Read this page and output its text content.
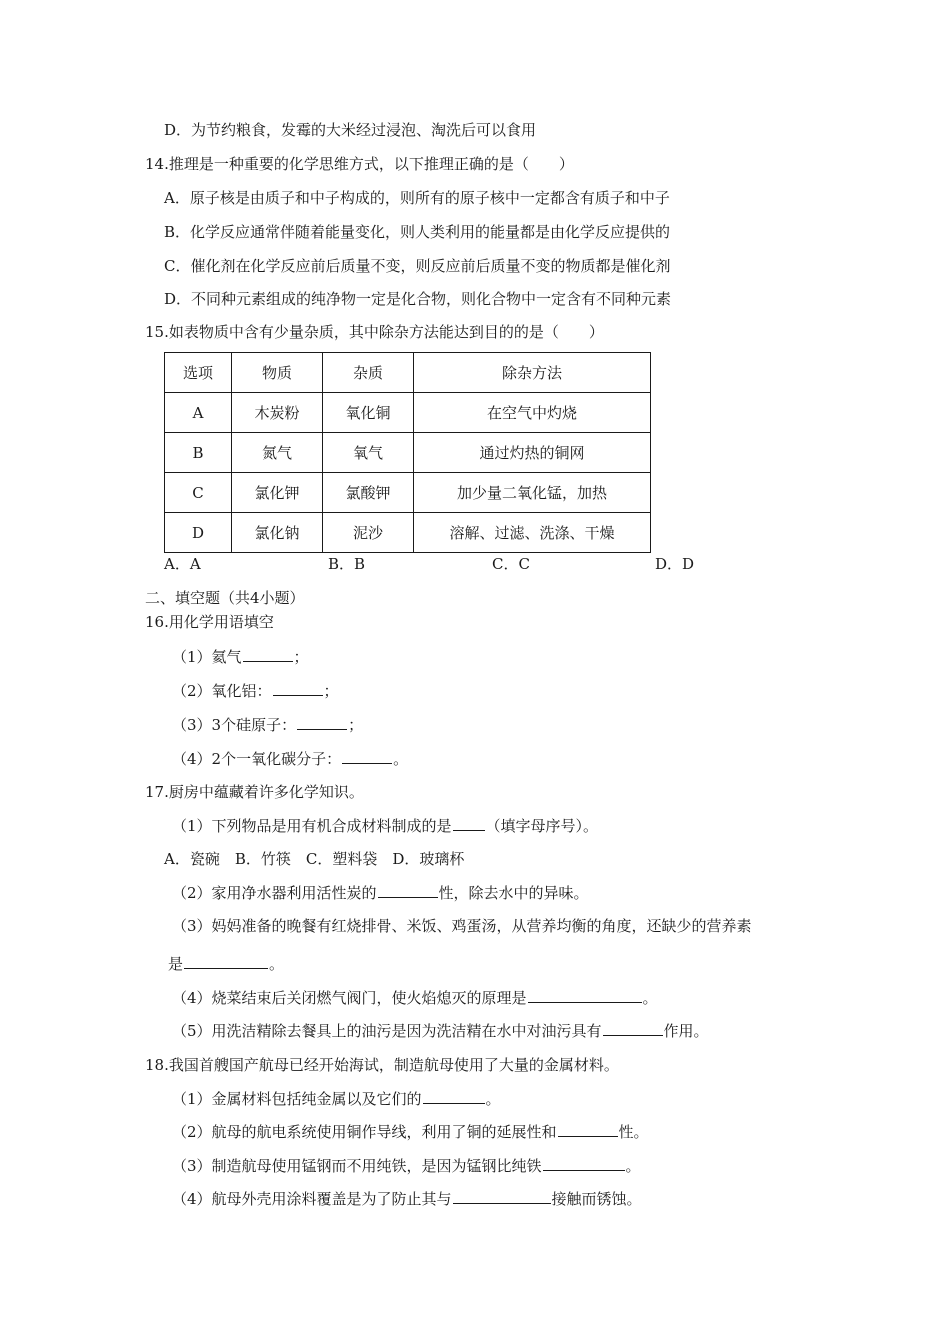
D．为节约粮食，发霉的大米经过浸泡、淘洗后可以食用
14.推理是一种重要的化学思维方式，以下推理正确的是（　　）
A．原子核是由质子和中子构成的，则所有的原子核中一定都含有质子和中子
B．化学反应通常伴随着能量变化，则人类利用的能量都是由化学反应提供的
C．催化剂在化学反应前后质量不变，则反应前后质量不变的物质都是催化剂
D．不同种元素组成的纯净物一定是化合物，则化合物中一定含有不同种元素
15.如表物质中含有少量杂质，其中除杂方法能达到目的的是（　　）
选项	物质	杂质	除杂方法
A	木炭粉	氧化铜	在空气中灼烧
B	氮气	氧气	通过灼热的铜网
C	氯化钾	氯酸钾	加少量二氧化锰，加热
D	氯化钠	泥沙	溶解、过滤、洗涤、干燥
A．A	B．B	C．C	D．D
二、填空题（共4小题）
16.用化学用语填空
（1）氦气	；
（2）氧化铝：	；
（3）3个硅原子：	；
（4）2个一氧化碳分子：	。
17.厨房中蕴藏着许多化学知识。
（1）下列物品是用有机合成材料制成的是 （填字母序号）。
A．瓷碗　B．竹筷　C．塑料袋　D．玻璃杯
（2）家用净水器利用活性炭的	性，除去水中的异味。
（3）妈妈准备的晚餐有红烧排骨、米饭、鸡蛋汤，从营养均衡的角度，还缺少的营养素
是	。
（4）烧菜结束后关闭燃气阀门，使火焰熄灭的原理是	。
（5）用洗洁精除去餐具上的油污是因为洗洁精在水中对油污具有	作用。
18.我国首艘国产航母已经开始海试，制造航母使用了大量的金属材料。
（1）金属材料包括纯金属以及它们的	。
（2）航母的航电系统使用铜作导线，利用了铜的延展性和	性。
（3）制造航母使用锰钢而不用纯铁，是因为锰钢比纯铁	。
（4）航母外壳用涂料覆盖是为了防止其与	接触而锈蚀。
